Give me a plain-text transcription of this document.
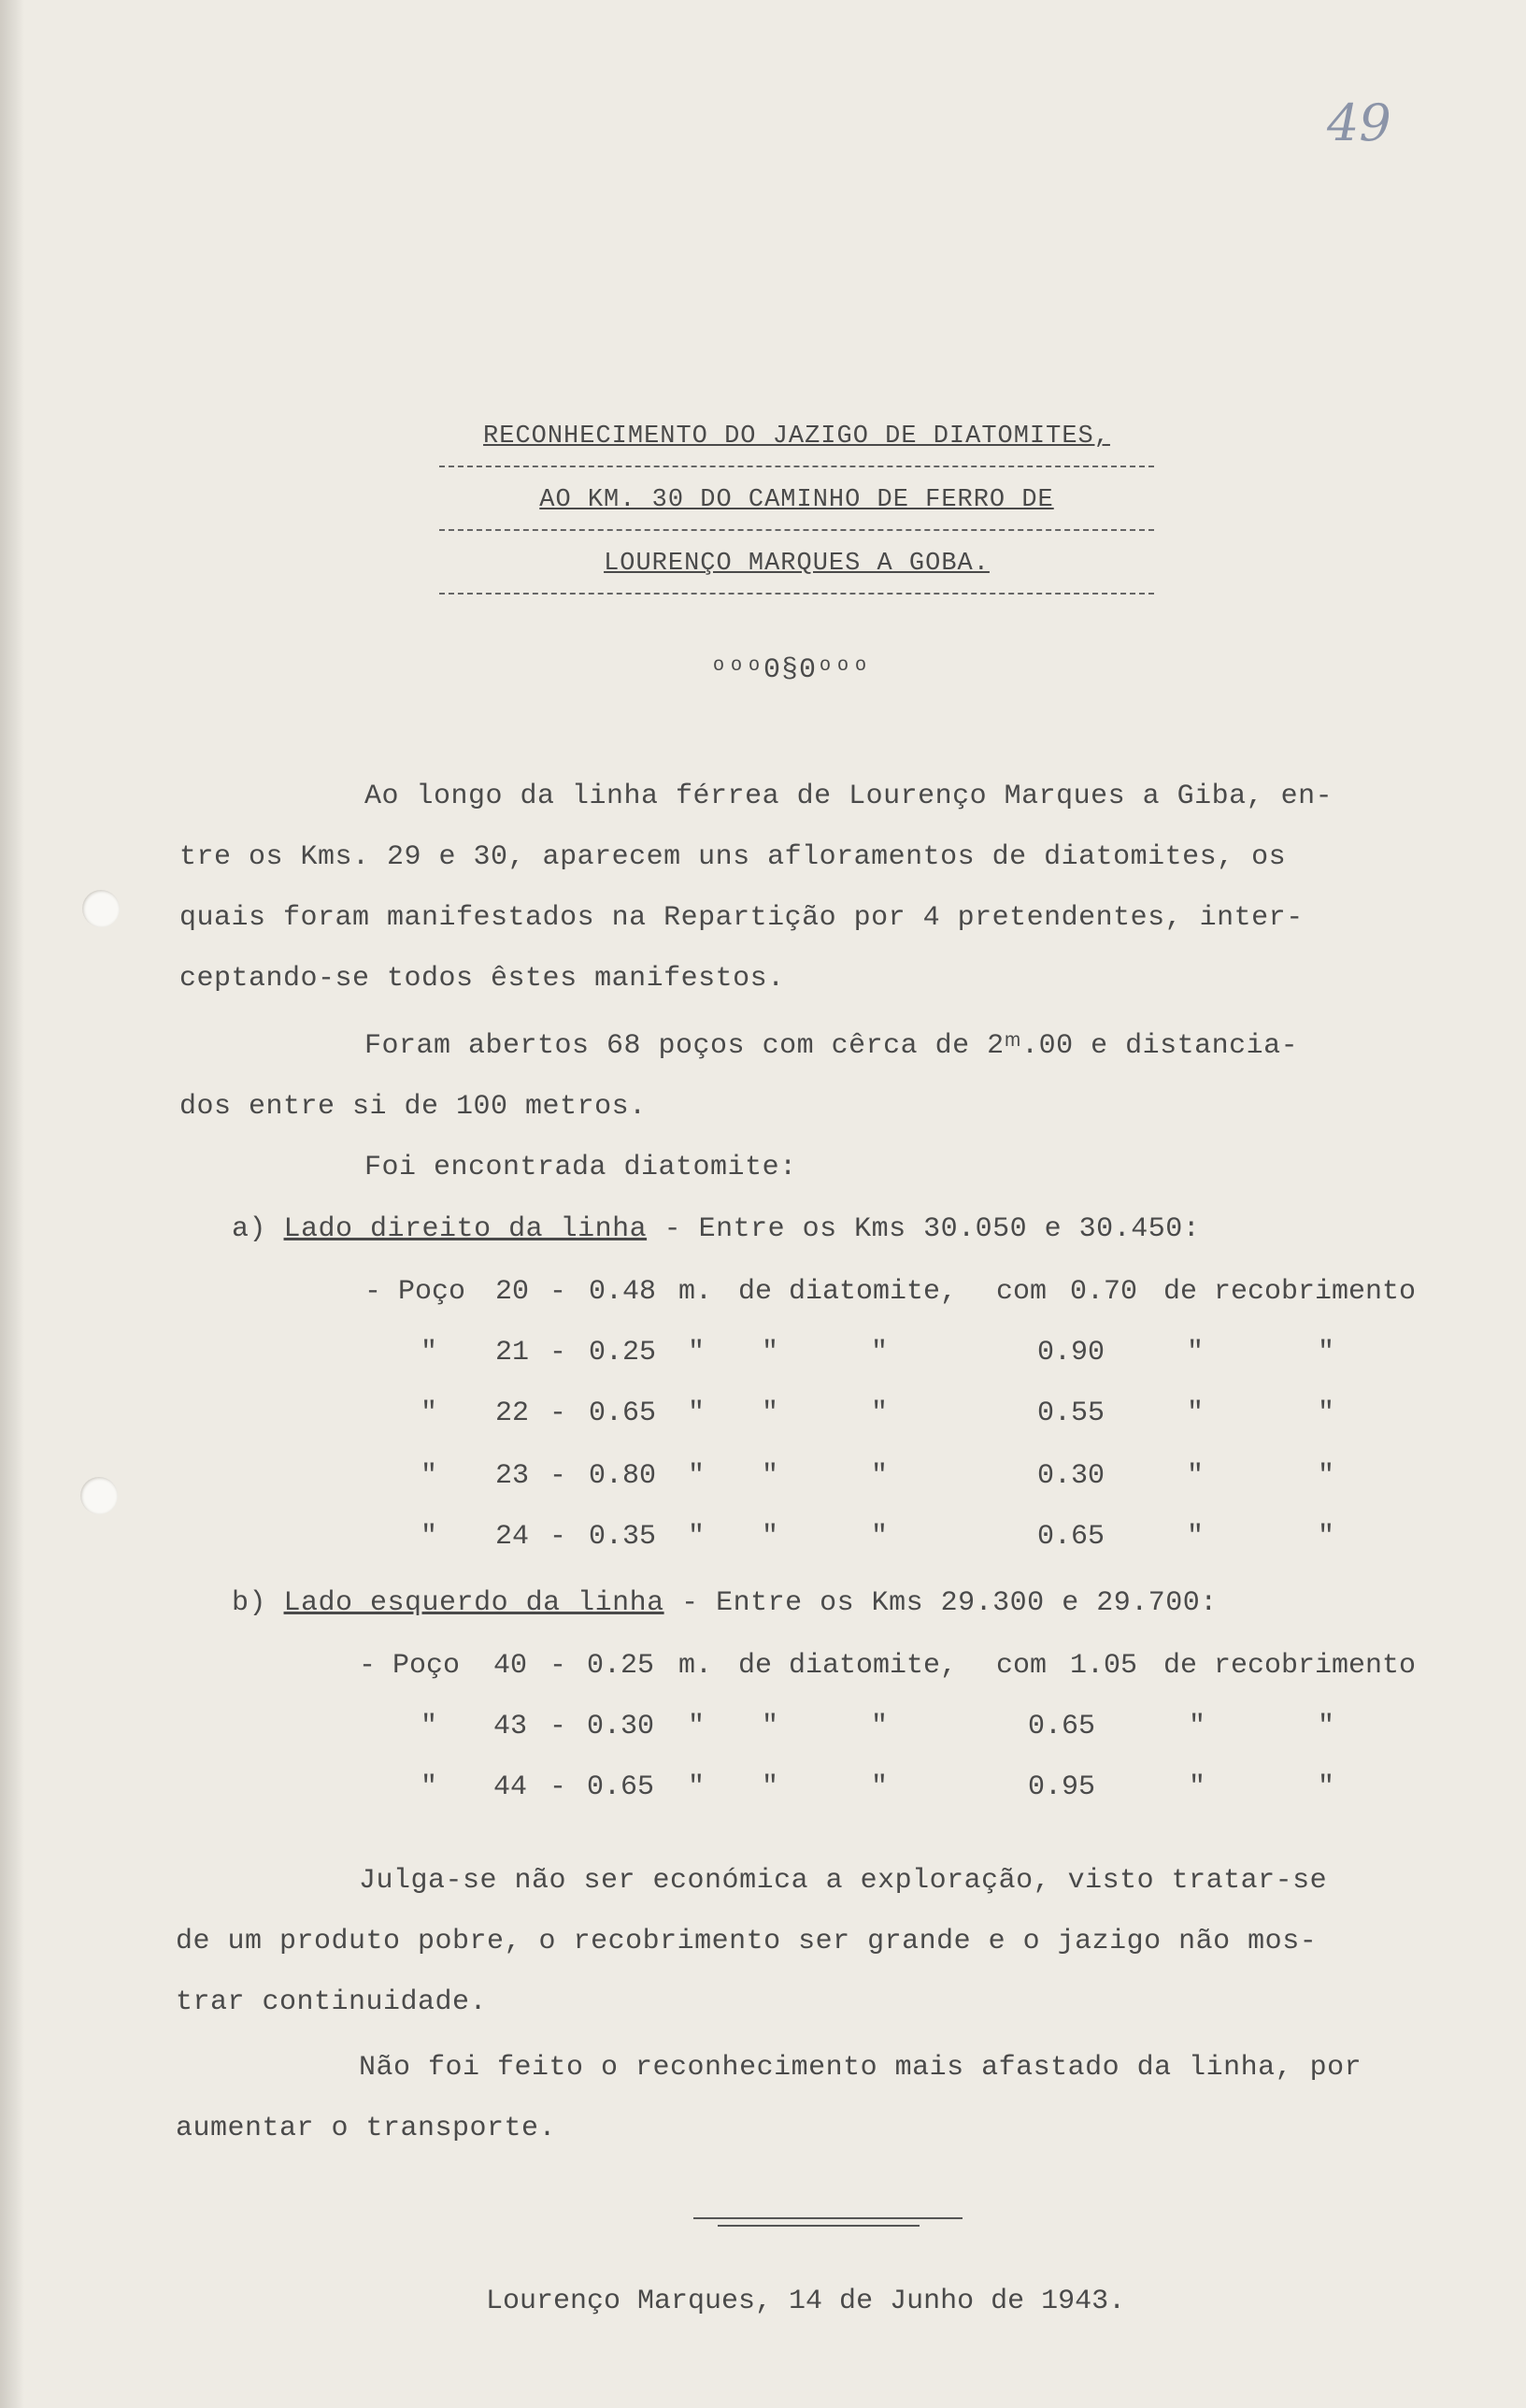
49
RECONHECIMENTO DO JAZIGO DE DIATOMITES,
AO KM. 30 DO CAMINHO DE FERRO DE
LOURENÇO MARQUES A GOBA.
ᵒᵒᵒ0§0ᵒᵒᵒ
Ao longo da linha férrea de Lourenço Marques a Giba, en-
tre os Kms. 29 e 30, aparecem uns afloramentos de diatomites, os
quais foram manifestados na Repartição por 4 pretendentes, inter-
ceptando-se todos êstes manifestos.
Foram abertos 68 poços com cêrca de 2ᵐ.00 e distancia-
dos entre si de 100 metros.
Foi encontrada diatomite:
a) Lado direito da linha - Entre os Kms 30.050 e 30.450:
- Poço 20 - 0.48 m. de diatomite, com 0.70 de recobrimento
" 21 - 0.25 " "	"	0.90	"	"
" 22 - 0.65 " "	"	0.55	"	"
" 23 - 0.80 " "	"	0.30	"	"
" 24 - 0.35 " "	"	0.65	"	"
b) Lado esquerdo da linha - Entre os Kms 29.300 e 29.700:
- Poço 40 - 0.25 m. de diatomite, com 1.05 de recobrimento
" 43 - 0.30 " "	"	0.65	"	"
" 44 - 0.65 " "	"	0.95	"	"
Julga-se não ser económica a exploração, visto tratar-se
de um produto pobre, o recobrimento ser grande e o jazigo não mos-
trar continuidade.
Não foi feito o reconhecimento mais afastado da linha, por
aumentar o transporte.
Lourenço Marques, 14 de Junho de 1943.
